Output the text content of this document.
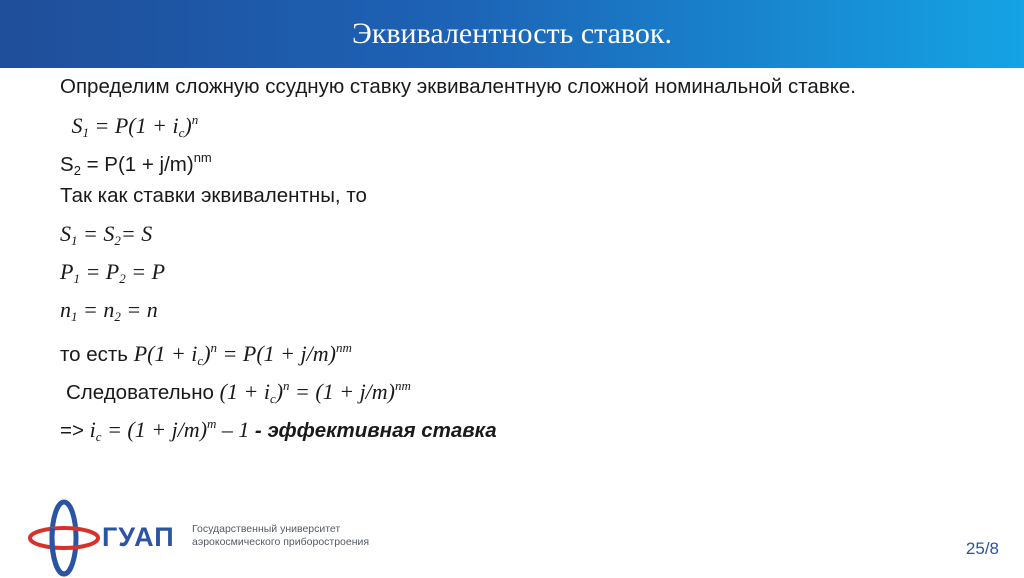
Эквивалентность ставок.
Определим сложную ссудную ставку эквивалентную сложной номинальной ставке.
$S_1 = P(1 + i_c)^n$
$S_2 = P(1 + j/m)^{nm}$
Так как ставки эквивалентны, то
$S_1 = S_2= S$
$P_1 = P_2 = P$
$n_1 = n_2 = n$
то есть $P(1 + i_c)^n = P(1 + j/m)^{nm}$
Следовательно $(1 + i_c)^n = (1 + j/m)^{nm}$
=> $i_c = (1 + j/m)^m - 1$ - эффективная ставка
ГУАП Государственный университет
аэрокосмического приборостроения	25/8
